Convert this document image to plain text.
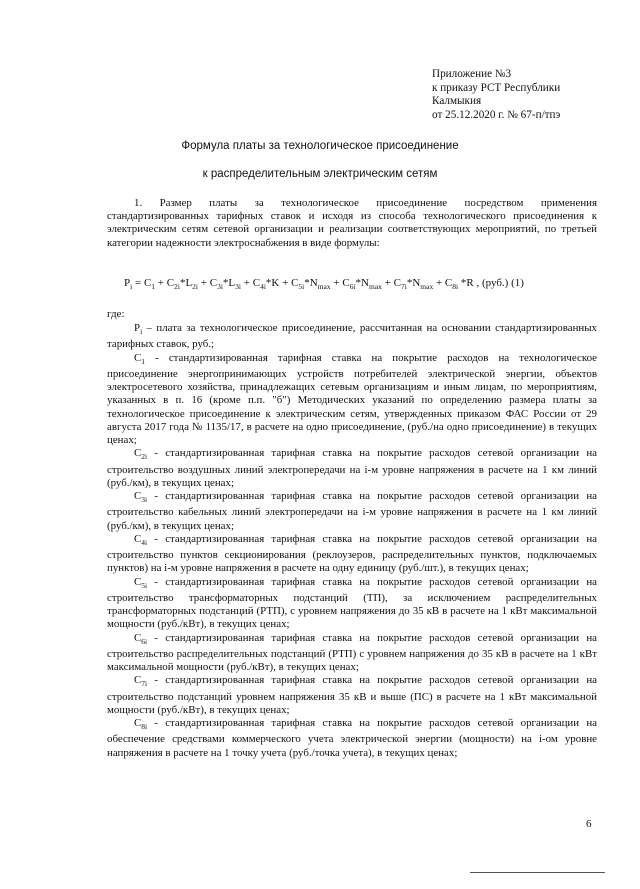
Приложение №3
к приказу РСТ Республики
Калмыкия
от 25.12.2020 г. № 67-п/тпэ
Формула платы за технологическое присоединение
к распределительным электрическим сетям
1. Размер платы за технологическое присоединение посредством применения стандартизированных тарифных ставок и исходя из способа технологического присоединения к электрическим сетям сетевой организации и реализации соответствующих мероприятий, по третьей категории надежности электроснабжения в виде формулы:
$P_i = C_1 + C_{2i}*L_{2i} + C_{3i}*L_{3i} + C_{4i}*K + C_{5i}*N_{max} + C_{6i}*N_{max} + C_{7i}*N_{max} + C_{8i}$ *R , (руб.) (1)
где:

$P_i$ – плата за технологическое присоединение, рассчитанная на основании стандартизированных тарифных ставок, руб.;

$C_1$ - стандартизированная тарифная ставка на покрытие расходов на технологическое присоединение энергопринимающих устройств потребителей электрической энергии, объектов электросетевого хозяйства, принадлежащих сетевым организациям и иным лицам, по мероприятиям, указанных в п. 16 (кроме п.п. "б") Методических указаний по определению размера платы за технологическое присоединение к электрическим сетям, утвержденных приказом ФАС России от 29 августа 2017 года № 1135/17, в расчете на одно присоединение, (руб./на одно присоединение) в текущих ценах;

$C_{2i}$ - стандартизированная тарифная ставка на покрытие расходов сетевой организации на строительство воздушных линий электропередачи на i-м уровне напряжения в расчете на 1 км линий (руб./км), в текущих ценах;

$C_{3i}$ - стандартизированная тарифная ставка на покрытие расходов сетевой организации на строительство кабельных линий электропередачи на i-м уровне напряжения в расчете на 1 км линий (руб./км), в текущих ценах;

$C_{4i}$ - стандартизированная тарифная ставка на покрытие расходов сетевой организации на строительство пунктов секционирования (реклоузеров, распределительных пунктов, подключаемых пунктов) на i-м уровне напряжения в расчете на одну единицу (руб./шт.), в текущих ценах;

$C_{5i}$ - стандартизированная тарифная ставка на покрытие расходов сетевой организации на строительство трансформаторных подстанций (ТП), за исключением распределительных трансформаторных подстанций (РТП), с уровнем напряжения до 35 кВ в расчете на 1 кВт максимальной мощности (руб./кВт), в текущих ценах;

$C_{6i}$ - стандартизированная тарифная ставка на покрытие расходов сетевой организации на строительство распределительных подстанций (РТП) с уровнем напряжения до 35 кВ в расчете на 1 кВт максимальной мощности (руб./кВт), в текущих ценах;

$C_{7i}$ - стандартизированная тарифная ставка на покрытие расходов сетевой организации на строительство подстанций уровнем напряжения 35 кВ и выше (ПС) в расчете на 1 кВт максимальной мощности (руб./кВт), в текущих ценах;

$C_{8i}$ - стандартизированная тарифная ставка на покрытие расходов сетевой организации на обеспечение средствами коммерческого учета электрической энергии (мощности) на i-ом уровне напряжения в расчете на 1 точку учета (руб./точка учета), в текущих ценах;

6
